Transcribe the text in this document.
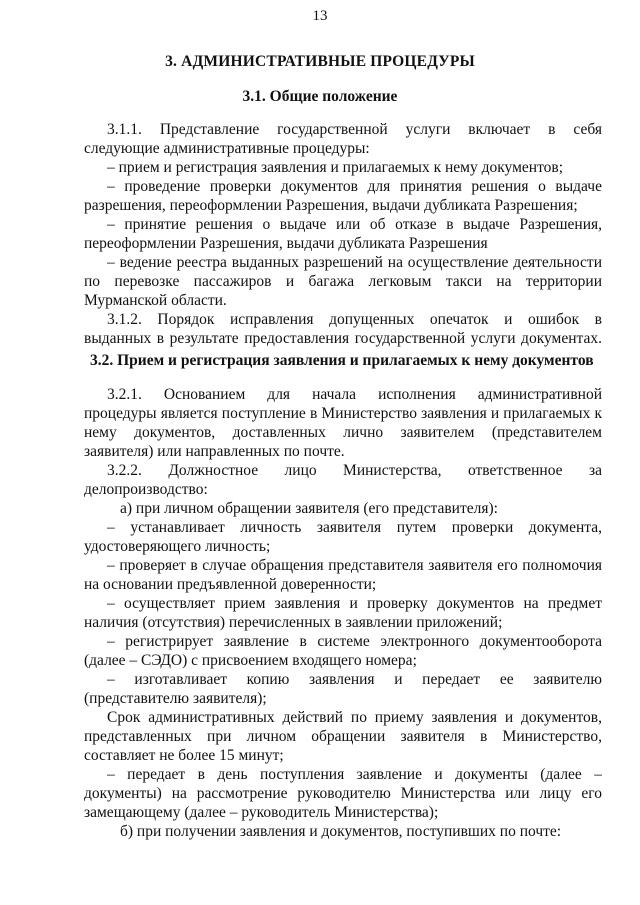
13
3. АДМИНИСТРАТИВНЫЕ ПРОЦЕДУРЫ
3.1. Общие положение
3.1.1. Представление государственной услуги включает в себя
следующие административные процедуры:
– прием и регистрация заявления и прилагаемых к нему документов;
– проведение проверки документов для принятия решения о выдаче
разрешения, переоформлении Разрешения, выдачи дубликата Разрешения;
– принятие решения о выдаче или об отказе в выдаче Разрешения,
переоформлении Разрешения, выдачи дубликата Разрешения
– ведение реестра выданных разрешений на осуществление деятельности
по перевозке пассажиров и багажа легковым такси на территории
Мурманской области.
3.1.2. Порядок исправления допущенных опечаток и ошибок в
выданных в результате предоставления государственной услуги документах.
3.2. Прием и регистрация заявления и прилагаемых к нему документов
3.2.1. Основанием для начала исполнения административной
процедуры является поступление в Министерство заявления и прилагаемых к
нему документов, доставленных лично заявителем (представителем
заявителя) или направленных по почте.
3.2.2. Должностное лицо Министерства, ответственное за
делопроизводство:
а) при личном обращении заявителя (его представителя):
– устанавливает личность заявителя путем проверки документа,
удостоверяющего личность;
– проверяет в случае обращения представителя заявителя его полномочия
на основании предъявленной доверенности;
– осуществляет прием заявления и проверку документов на предмет
наличия (отсутствия) перечисленных в заявлении приложений;
– регистрирует заявление в системе электронного документооборота
(далее – СЭДО) с присвоением входящего номера;
– изготавливает копию заявления и передает ее заявителю
(представителю заявителя);
Срок административных действий по приему заявления и документов,
представленных при личном обращении заявителя в Министерство,
составляет не более 15 минут;
– передает в день поступления заявление и документы (далее –
документы) на рассмотрение руководителю Министерства или лицу его
замещающему (далее – руководитель Министерства);
б) при получении заявления и документов, поступивших по почте:
